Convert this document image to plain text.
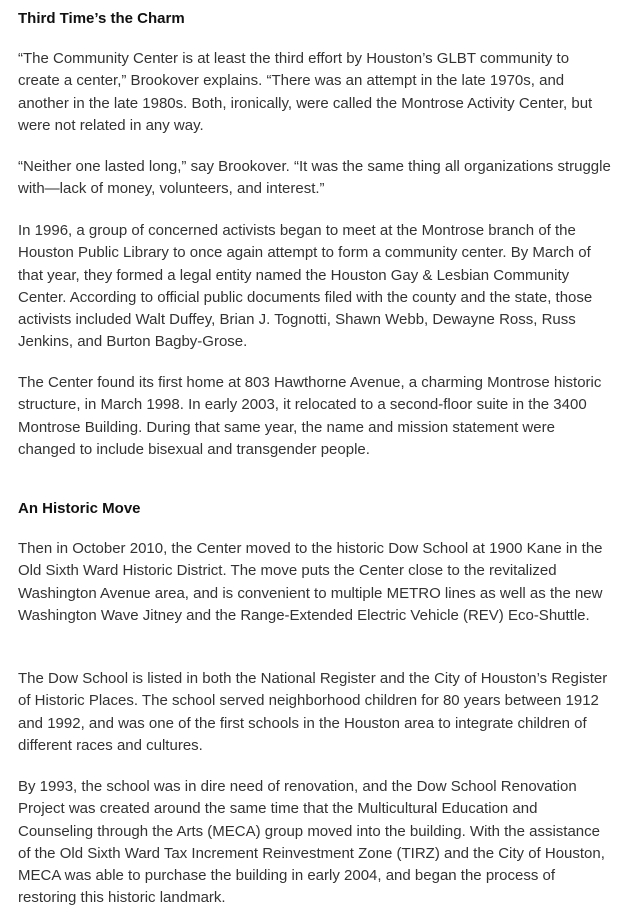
Third Time’s the Charm

“The Community Center is at least the third effort by Houston’s GLBT community to create a center,” Brookover explains. “There was an attempt in the late 1970s, and another in the late 1980s. Both, ironically, were called the Montrose Activity Center, but were not related in any way.

“Neither one lasted long,” say Brookover. “It was the same thing all organizations struggle with—lack of money, volunteers, and interest.”

In 1996, a group of concerned activists began to meet at the Montrose branch of the Houston Public Library to once again attempt to form a community center. By March of that year, they formed a legal entity named the Houston Gay & Lesbian Community Center. According to official public documents filed with the county and the state, those activists included Walt Duffey, Brian J. Tognotti, Shawn Webb, Dewayne Ross, Russ Jenkins, and Burton Bagby-Grose.

The Center found its first home at 803 Hawthorne Avenue, a charming Montrose historic structure, in March 1998. In early 2003, it relocated to a second-floor suite in the 3400 Montrose Building. During that same year, the name and mission statement were changed to include bisexual and transgender people.

An Historic Move

Then in October 2010, the Center moved to the historic Dow School at 1900 Kane in the Old Sixth Ward Historic District. The move puts the Center close to the revitalized Washington Avenue area, and is convenient to multiple METRO lines as well as the new Washington Wave Jitney and the Range-Extended Electric Vehicle (REV) Eco-Shuttle.

The Dow School is listed in both the National Register and the City of Houston’s Register of Historic Places. The school served neighborhood children for 80 years between 1912 and 1992, and was one of the first schools in the Houston area to integrate children of different races and cultures.

By 1993, the school was in dire need of renovation, and the Dow School Renovation Project was created around the same time that the Multicultural Education and Counseling through the Arts (MECA) group moved into the building. With the assistance of the Old Sixth Ward Tax Increment Reinvestment Zone (TIRZ) and the City of Houston, MECA was able to purchase the building in early 2004, and began the process of restoring this historic landmark.
